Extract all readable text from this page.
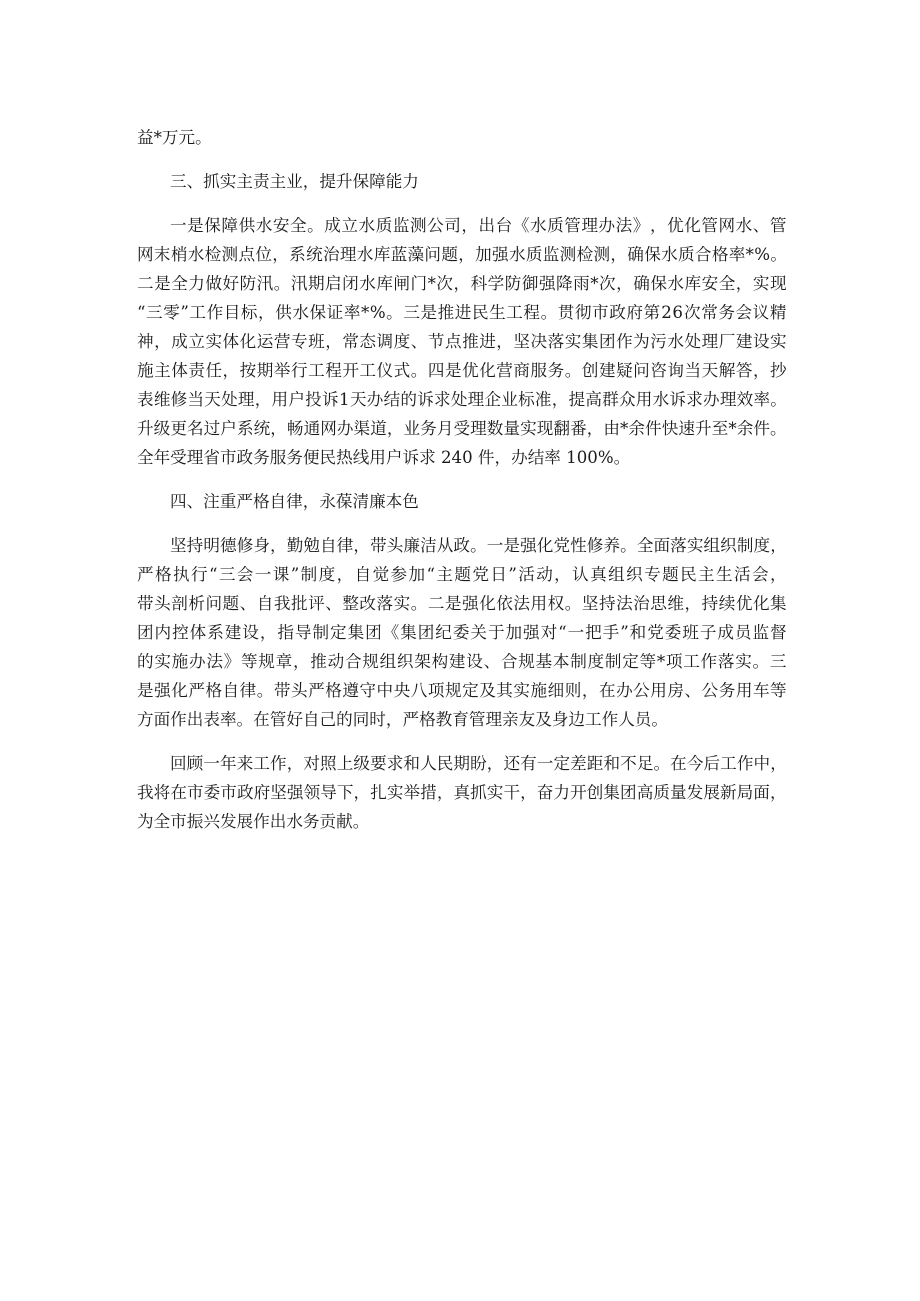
益*万元。
三、抓实主责主业，提升保障能力
一 是 保 障 供 水 安 全 。 成 立 水 质 监 测 公 司 ， 出 台 《 水 质 管 理 办 法 》 ， 优 化 管 网 水 、 管
网 末 梢 水 检 测 点 位 ， 系 统 治 理 水 库 蓝 藻 问 题 ， 加 强 水 质 监 测 检 测 ， 确 保 水 质 合 格 率 * % 。
二 是 全 力 做 好 防 汛 。 汛 期 启 闭 水 库 闸 门 * 次 ， 科 学 防 御 强 降 雨 * 次 ， 确 保 水 库 安 全 ， 实 现
“ 三 零 ” 工 作 目 标 ， 供 水 保 证 率 * % 。 三 是 推 进 民 生 工 程 。 贯 彻 市 政 府 第 2 6 次 常 务 会 议 精
神 ， 成 立 实 体 化 运 营 专 班 ， 常 态 调 度 、 节 点 推 进 ， 坚 决 落 实 集 团 作 为 污 水 处 理 厂 建 设 实
施 主 体 责 任 ， 按 期 举 行 工 程 开 工 仪 式 。 四 是 优 化 营 商 服 务 。 创 建 疑 问 咨 询 当 天 解 答 ， 抄
表 维 修 当 天 处 理 ， 用 户 投 诉 1 天 办 结 的 诉 求 处 理 企 业 标 准 ， 提 高 群 众 用 水 诉 求 办 理 效 率 。
升 级 更 名 过 户 系 统 ， 畅 通 网 办 渠 道 ， 业 务 月 受 理 数 量 实 现 翻 番 ， 由 * 余 件 快 速 升 至 * 余 件 。
全年受理省市政务服务便民热线用户诉求 240 件，办结率 100%。
四、注重严格自律，永葆清廉本色
坚 持 明 德 修 身 ， 勤 勉 自 律 ， 带 头 廉 洁 从 政 。 一 是 强 化 党 性 修 养 。 全 面 落 实 组 织 制 度 ，
严 格 执 行 “ 三 会 一 课 ” 制 度 ， 自 觉 参 加 “ 主 题 党 日 ” 活 动 ， 认 真 组 织 专 题 民 主 生 活 会 ，
带 头 剖 析 问 题 、 自 我 批 评 、 整 改 落 实 。 二 是 强 化 依 法 用 权 。 坚 持 法 治 思 维 ， 持 续 优 化 集
团 内 控 体 系 建 设 ， 指 导 制 定 集 团 《 集 团 纪 委 关 于 加 强 对 “ 一 把 手 ” 和 党 委 班 子 成 员 监 督
的 实 施 办 法 》 等 规 章 ， 推 动 合 规 组 织 架 构 建 设 、 合 规 基 本 制 度 制 定 等 * 项 工 作 落 实 。 三
是 强 化 严 格 自 律 。 带 头 严 格 遵 守 中 央 八 项 规 定 及 其 实 施 细 则 ， 在 办 公 用 房 、 公 务 用 车 等
方面作出表率。在管好自己的同时，严格教育管理亲友及身边工作人员。
回 顾 一 年 来 工 作 ， 对 照 上 级 要 求 和 人 民 期 盼 ， 还 有 一 定 差 距 和 不 足 。 在 今 后 工 作 中 ，
我 将 在 市 委 市 政 府 坚 强 领 导 下 ， 扎 实 举 措 ， 真 抓 实 干 ， 奋 力 开 创 集 团 高 质 量 发 展 新 局 面 ，
为全市振兴发展作出水务贡献。
